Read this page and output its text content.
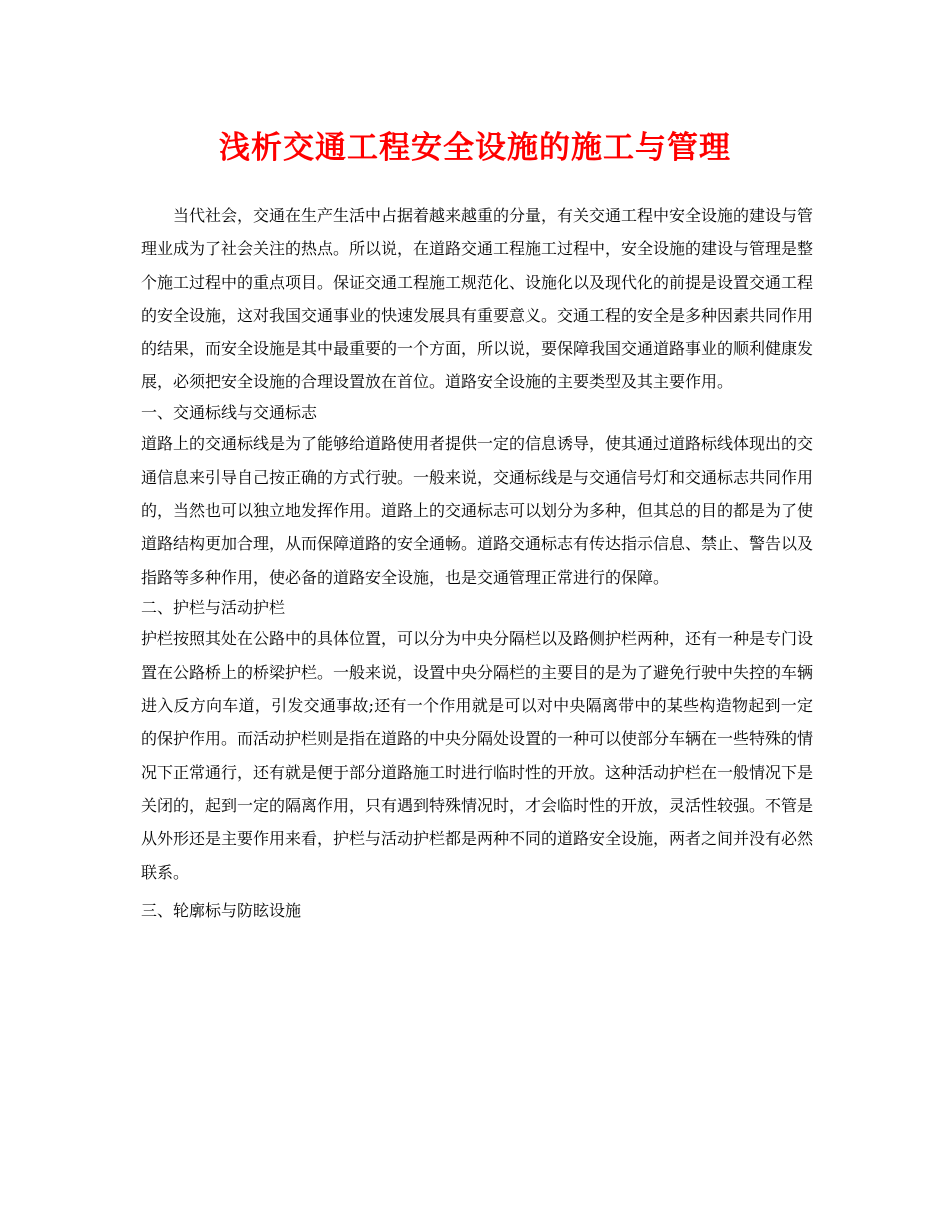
浅析交通工程安全设施的施工与管理

当代社会，交通在生产生活中占据着越来越重的分量，有关交通工程中安全设施的建设与管理业成为了社会关注的热点。所以说，在道路交通工程施工过程中，安全设施的建设与管理是整个施工过程中的重点项目。保证交通工程施工规范化、设施化以及现代化的前提是设置交通工程的安全设施，这对我国交通事业的快速发展具有重要意义。交通工程的安全是多种因素共同作用的结果，而安全设施是其中最重要的一个方面，所以说，要保障我国交通道路事业的顺利健康发展，必须把安全设施的合理设置放在首位。道路安全设施的主要类型及其主要作用。

一、交通标线与交通标志

道路上的交通标线是为了能够给道路使用者提供一定的信息诱导，使其通过道路标线体现出的交通信息来引导自己按正确的方式行驶。一般来说，交通标线是与交通信号灯和交通标志共同作用的，当然也可以独立地发挥作用。道路上的交通标志可以划分为多种，但其总的目的都是为了使道路结构更加合理，从而保障道路的安全通畅。道路交通标志有传达指示信息、禁止、警告以及指路等多种作用，使必备的道路安全设施，也是交通管理正常进行的保障。

二、护栏与活动护栏

护栏按照其处在公路中的具体位置，可以分为中央分隔栏以及路侧护栏两种，还有一种是专门设置在公路桥上的桥梁护栏。一般来说，设置中央分隔栏的主要目的是为了避免行驶中失控的车辆进入反方向车道，引发交通事故;还有一个作用就是可以对中央隔离带中的某些构造物起到一定的保护作用。而活动护栏则是指在道路的中央分隔处设置的一种可以使部分车辆在一些特殊的情况下正常通行，还有就是便于部分道路施工时进行临时性的开放。这种活动护栏在一般情况下是关闭的，起到一定的隔离作用，只有遇到特殊情况时，才会临时性的开放，灵活性较强。不管是从外形还是主要作用来看，护栏与活动护栏都是两种不同的道路安全设施，两者之间并没有必然联系。

三、轮廓标与防眩设施
